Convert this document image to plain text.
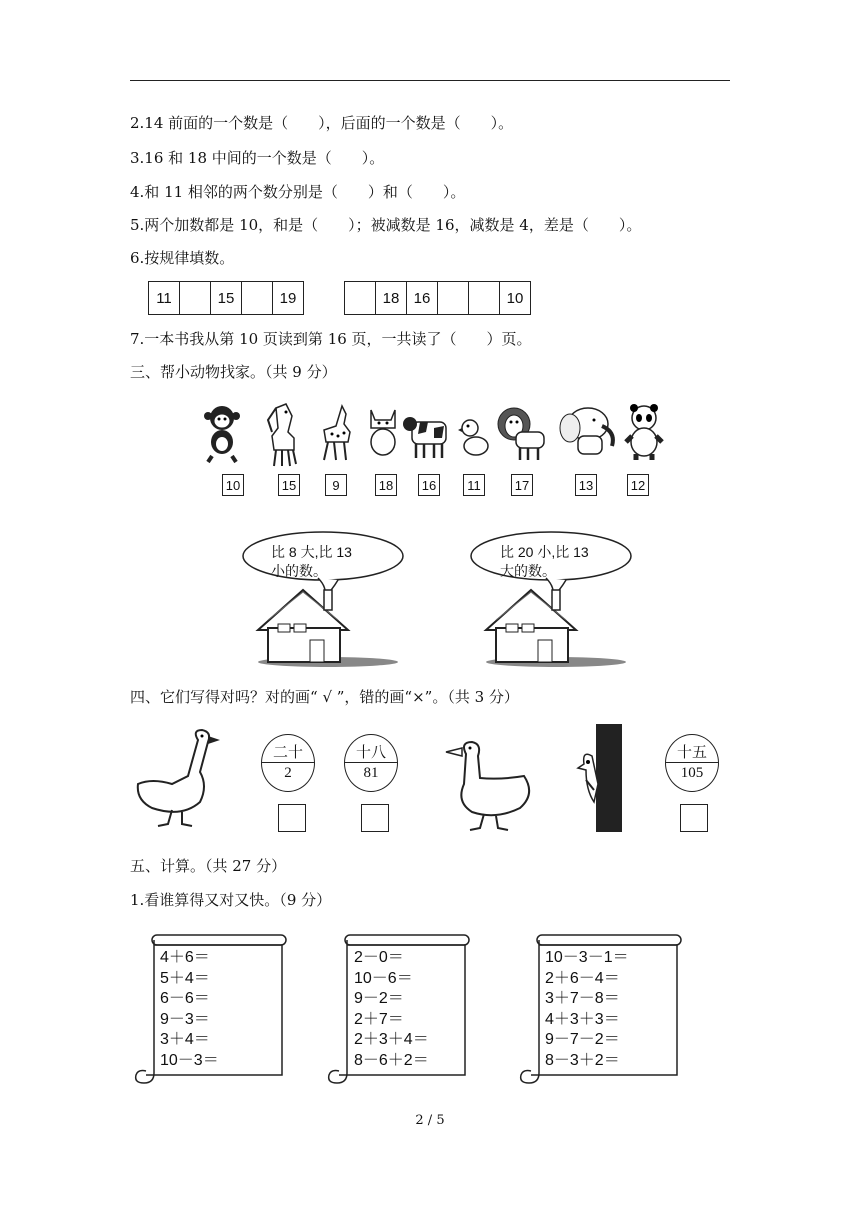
2.14 前面的一个数是（　　），后面的一个数是（　　）。
3.16 和 18 中间的一个数是（　　）。
4.和 11 相邻的两个数分别是（　　）和（　　）。
5.两个加数都是 10，和是（　　）；被减数是 16，减数是 4，差是（　　）。
6.按规律填数。
11	15	19	18 16	10
7.一本书我从第 10 页读到第 16 页，一共读了（　　）页。
三、帮小动物找家。（共 9 分）
10	15	9	18 16	11	17	13	12
比 8 大,比 13
小的数。
比 20 小,比 13
大的数。
四、它们写得对吗？对的画“ √ ”，错的画“×”。（共 3 分）
二十
2
十八
81
十五
105
五、计算。（共 27 分）
1.看谁算得又对又快。（9 分）
4＋6＝
5＋4＝
6－6＝
9－3＝
3＋4＝
10－3＝
2－0＝
10－6＝
9－2＝
2＋7＝
2＋3＋4＝
8－6＋2＝
10－3－1＝
2＋6－4＝
3＋7－8＝
4＋3＋3＝
9－7－2＝
8－3＋2＝
2 / 5
